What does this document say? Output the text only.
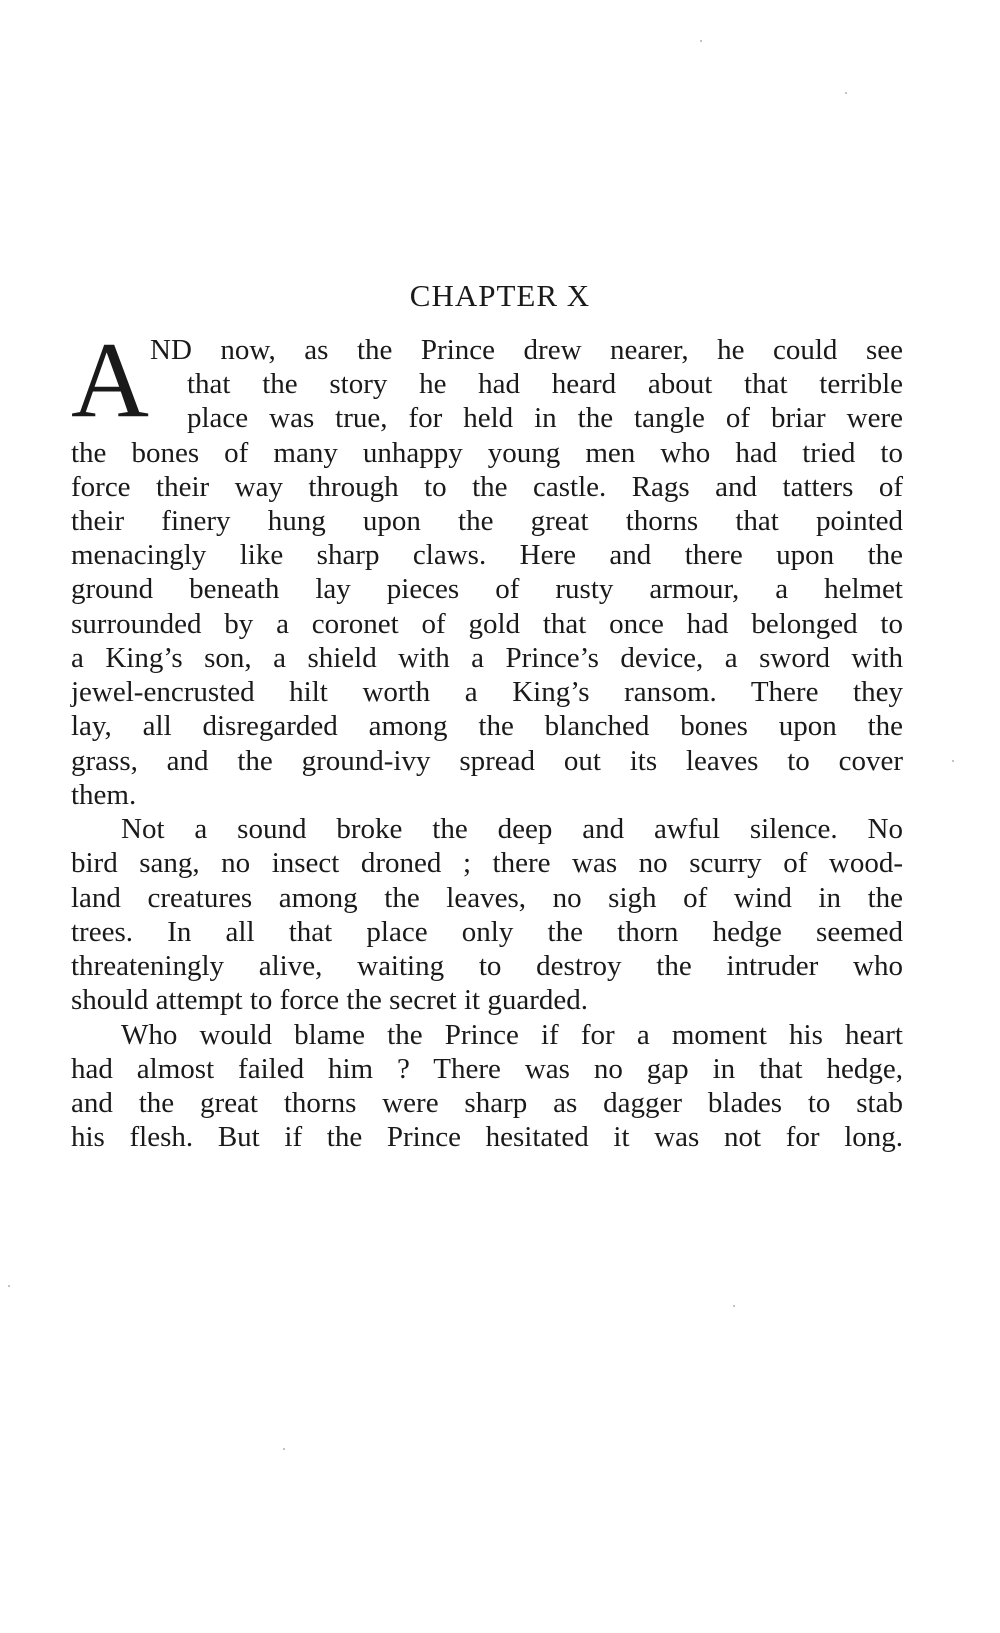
CHAPTER X
A ND now, as the Prince drew nearer, he could see
that the story he had heard about that terrible
place was true, for held in the tangle of briar were
the bones of many unhappy young men who had tried to
force their way through to the castle. Rags and tatters of
their finery hung upon the great thorns that pointed
menacingly like sharp claws. Here and there upon the
ground beneath lay pieces of rusty armour, a helmet
surrounded by a coronet of gold that once had belonged to
a King’s son, a shield with a Prince’s device, a sword with
jewel-encrusted hilt worth a King’s ransom. There they
lay, all disregarded among the blanched bones upon the
grass, and the ground-ivy spread out its leaves to cover
them.
Not a sound broke the deep and awful silence. No
bird sang, no insect droned ; there was no scurry of wood-
land creatures among the leaves, no sigh of wind in the
trees. In all that place only the thorn hedge seemed
threateningly alive, waiting to destroy the intruder who
should attempt to force the secret it guarded.
Who would blame the Prince if for a moment his heart
had almost failed him ? There was no gap in that hedge,
and the great thorns were sharp as dagger blades to stab
his flesh. But if the Prince hesitated it was not for long.
